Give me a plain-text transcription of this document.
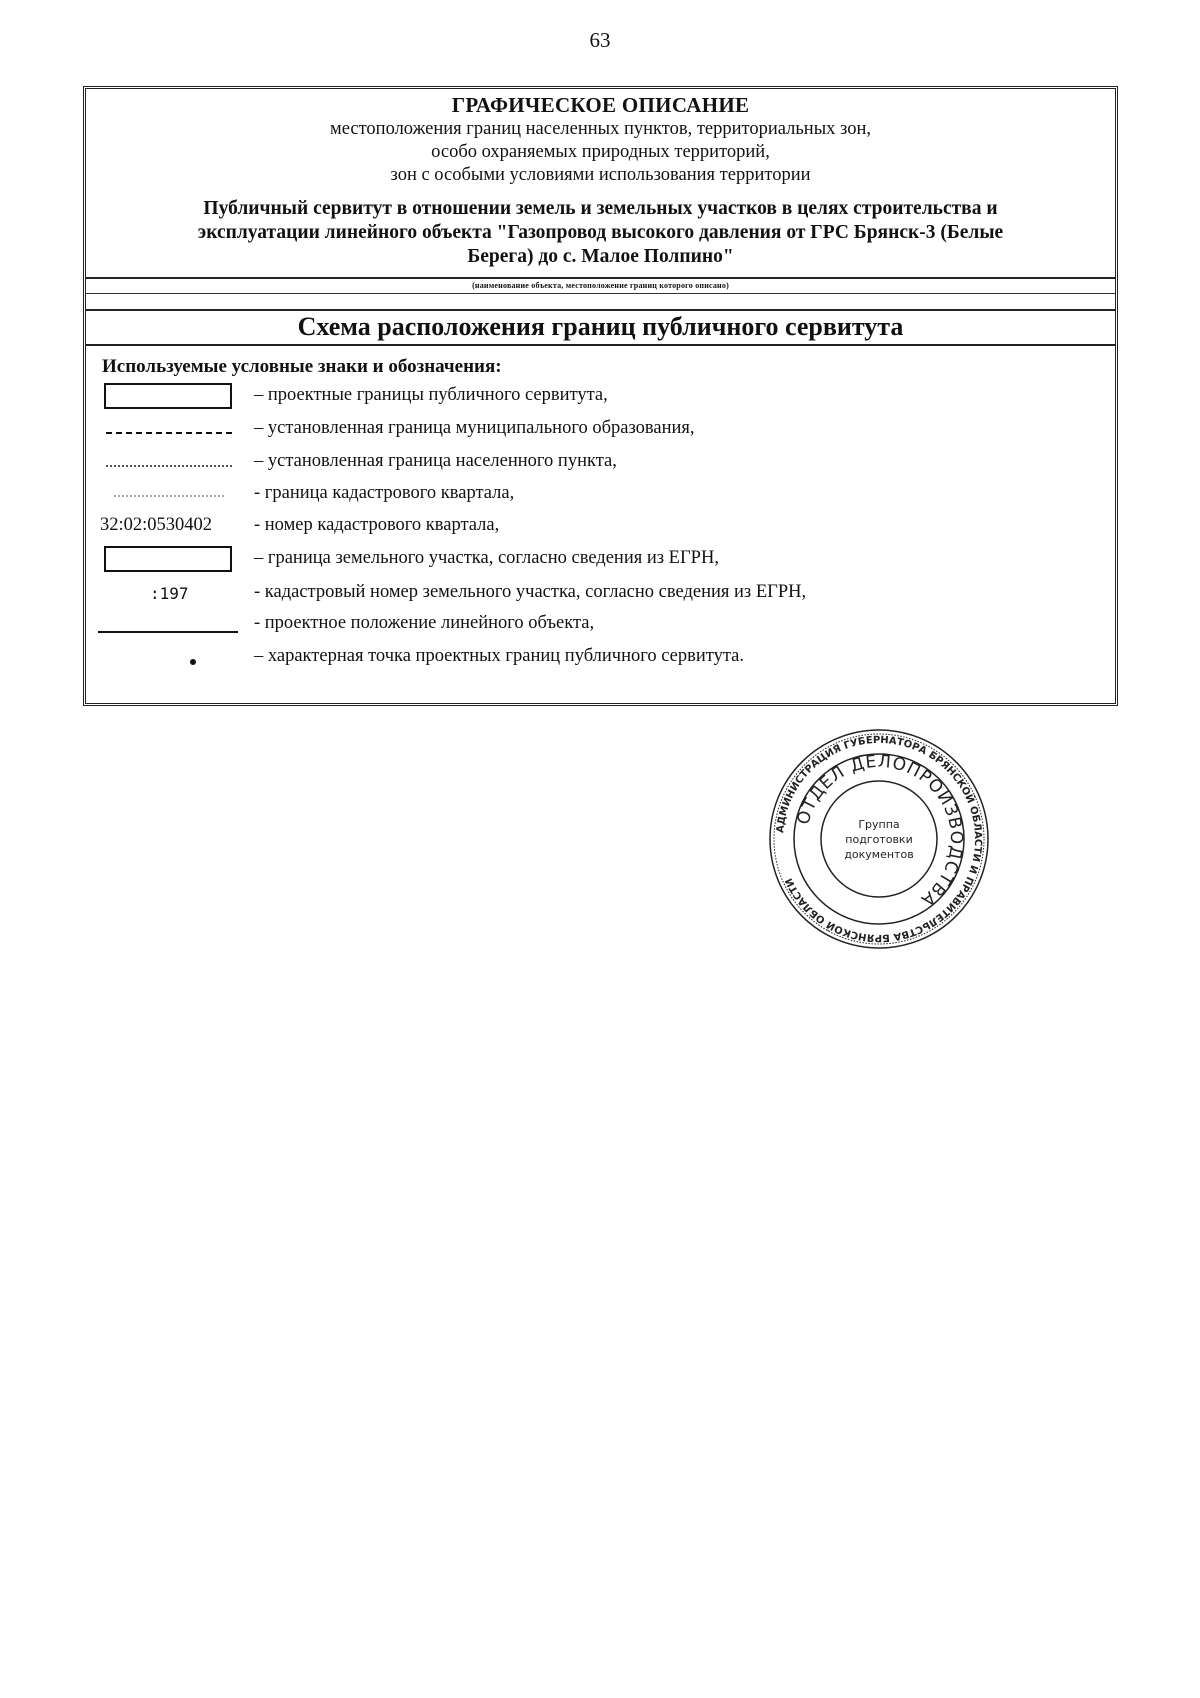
63
ГРАФИЧЕСКОЕ ОПИСАНИЕ
местоположения границ населенных пунктов, территориальных зон,
особо охраняемых природных территорий,
зон с особыми условиями использования территории
Публичный сервитут в отношении земель и земельных участков в целях строительства и
эксплуатации линейного объекта "Газопровод высокого давления от ГРС Брянск-3 (Белые
Берега) до с. Малое Полпино"
(наименование объекта, местоположение границ которого описано)
Схема расположения границ публичного сервитута
Используемые условные знаки и обозначения:
– проектные границы публичного сервитута,
– установленная граница муниципального образования,
– установленная граница населенного пункта,
- граница кадастрового квартала,
32:02:0530402 - номер кадастрового квартала,
– граница земельного участка, согласно сведения из ЕГРН,
:197	- кадастровый номер земельного участка, согласно сведения из ЕГРН,
- проектное положение линейного объекта,
– характерная точка проектных границ публичного сервитута.
АДМИНИСТРАЦИЯ ГУБЕРНАТОРА БРЯНСКОЙ ОБЛАСТИ И ПРАВИТЕЛЬСТВА БРЯНСКОЙ ОБЛАСТИ
ОТДЕЛ ДЕЛОПРОИЗВОДСТВА
Группа
подготовки
документов
